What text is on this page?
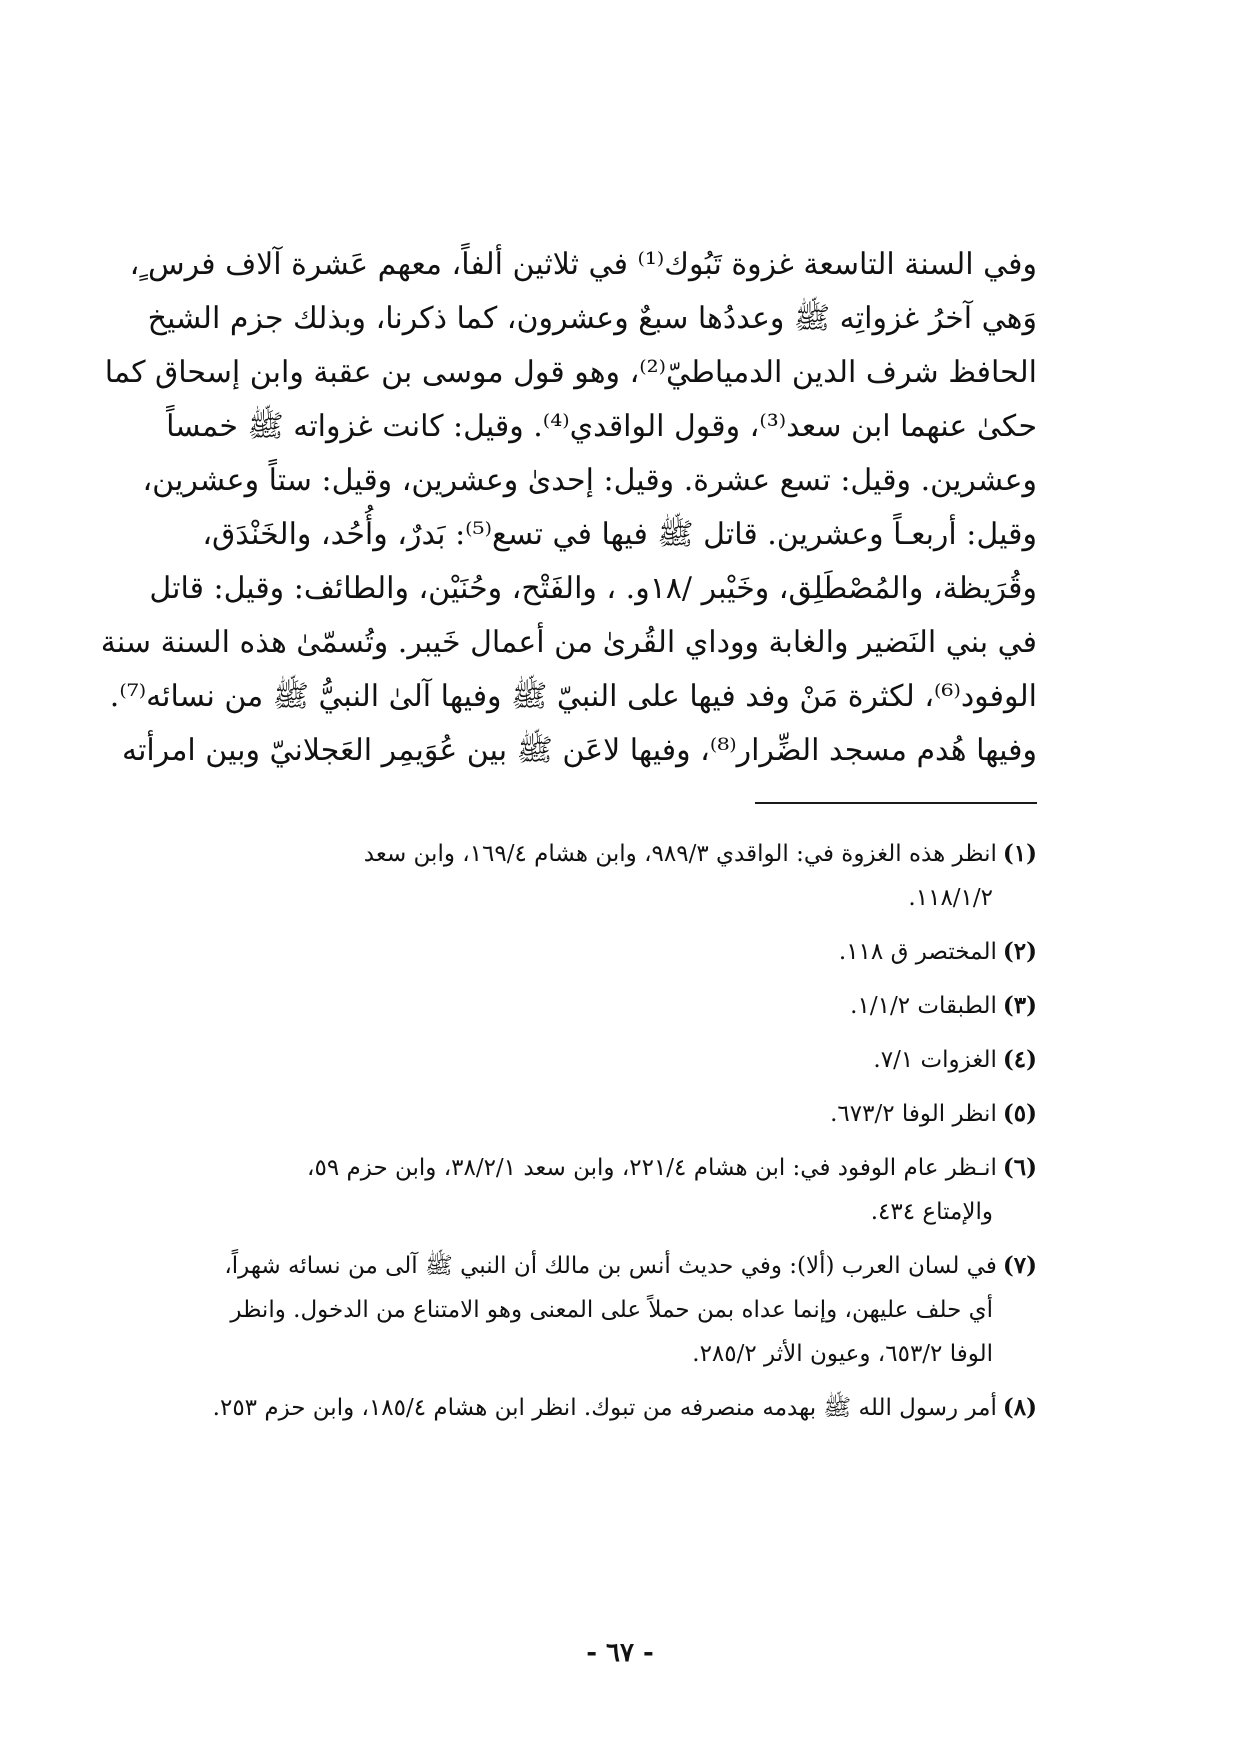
وفي السنة التاسعة غزوة تَبُوك⁽¹⁾ في ثلاثين ألفاً، معهم عَشرة آلاف فرس ٍ،
وَهي آخرُ غزواتِه ﷺ وعددُها سبعٌ وعشرون، كما ذكرنا، وبذلك جزم الشيخ
الحافظ شرف الدين الدمياطيّ⁽²⁾، وهو قول موسى بن عقبة وابن إسحاق كما
حكىٰ عنهما ابن سعد⁽³⁾، وقول الواقدي⁽⁴⁾. وقيل: كانت غزواته ﷺ خمساً
وعشرين. وقيل: تسع عشرة. وقيل: إحدىٰ وعشرين، وقيل: ستاً وعشرين،
وقيل: أربعـاً وعشرين. قاتل ﷺ فيها في تسع⁽⁵⁾: بَدرٌ، وأُحُد، والخَنْدَق،
وقُرَيظة، والمُصْطَلِق، وخَيْبر /١٨و. ، والفَتْح، وحُنَيْن، والطائف: وقيل: قاتل
في بني النَضير والغابة ووداي القُرىٰ من أعمال خَيبر. وتُسمّىٰ هذه السنة سنة
الوفود⁽⁶⁾، لكثرة مَنْ وفد فيها على النبيّ ﷺ وفيها آلىٰ النبيُّ ﷺ من نسائه⁽⁷⁾.
وفيها هُدم مسجد الضِّرار⁽⁸⁾، وفيها لاعَن ﷺ بين عُوَيمِر العَجلانيّ وبين امرأته
(١)انظر هذه الغزوة في: الواقدي ٩٨٩/٣، وابن هشام ١٦٩/٤، وابن سعد
١١٨/١/٢.
(٢)المختصر ق ١١٨.
(٣)الطبقات ١/١/٢.
(٤)الغزوات ٧/١.
(٥)انظر الوفا ٦٧٣/٢.
(٦)انـظر عام الوفود في: ابن هشام ٢٢١/٤، وابن سعد ٣٨/٢/١، وابن حزم ٥٩،
والإمتاع ٤٣٤.
(٧)في لسان العرب (ألا): وفي حديث أنس بن مالك أن النبي ﷺ آلى من نسائه شهراً،
أي حلف عليهن، وإنما عداه بمن حملاً على المعنى وهو الامتناع من الدخول. وانظر
الوفا ٦٥٣/٢، وعيون الأثر ٢٨٥/٢.
(٨)أمر رسول الله ﷺ بهدمه منصرفه من تبوك. انظر ابن هشام ١٨٥/٤، وابن حزم ٢٥٣.
- ٦٧ -
